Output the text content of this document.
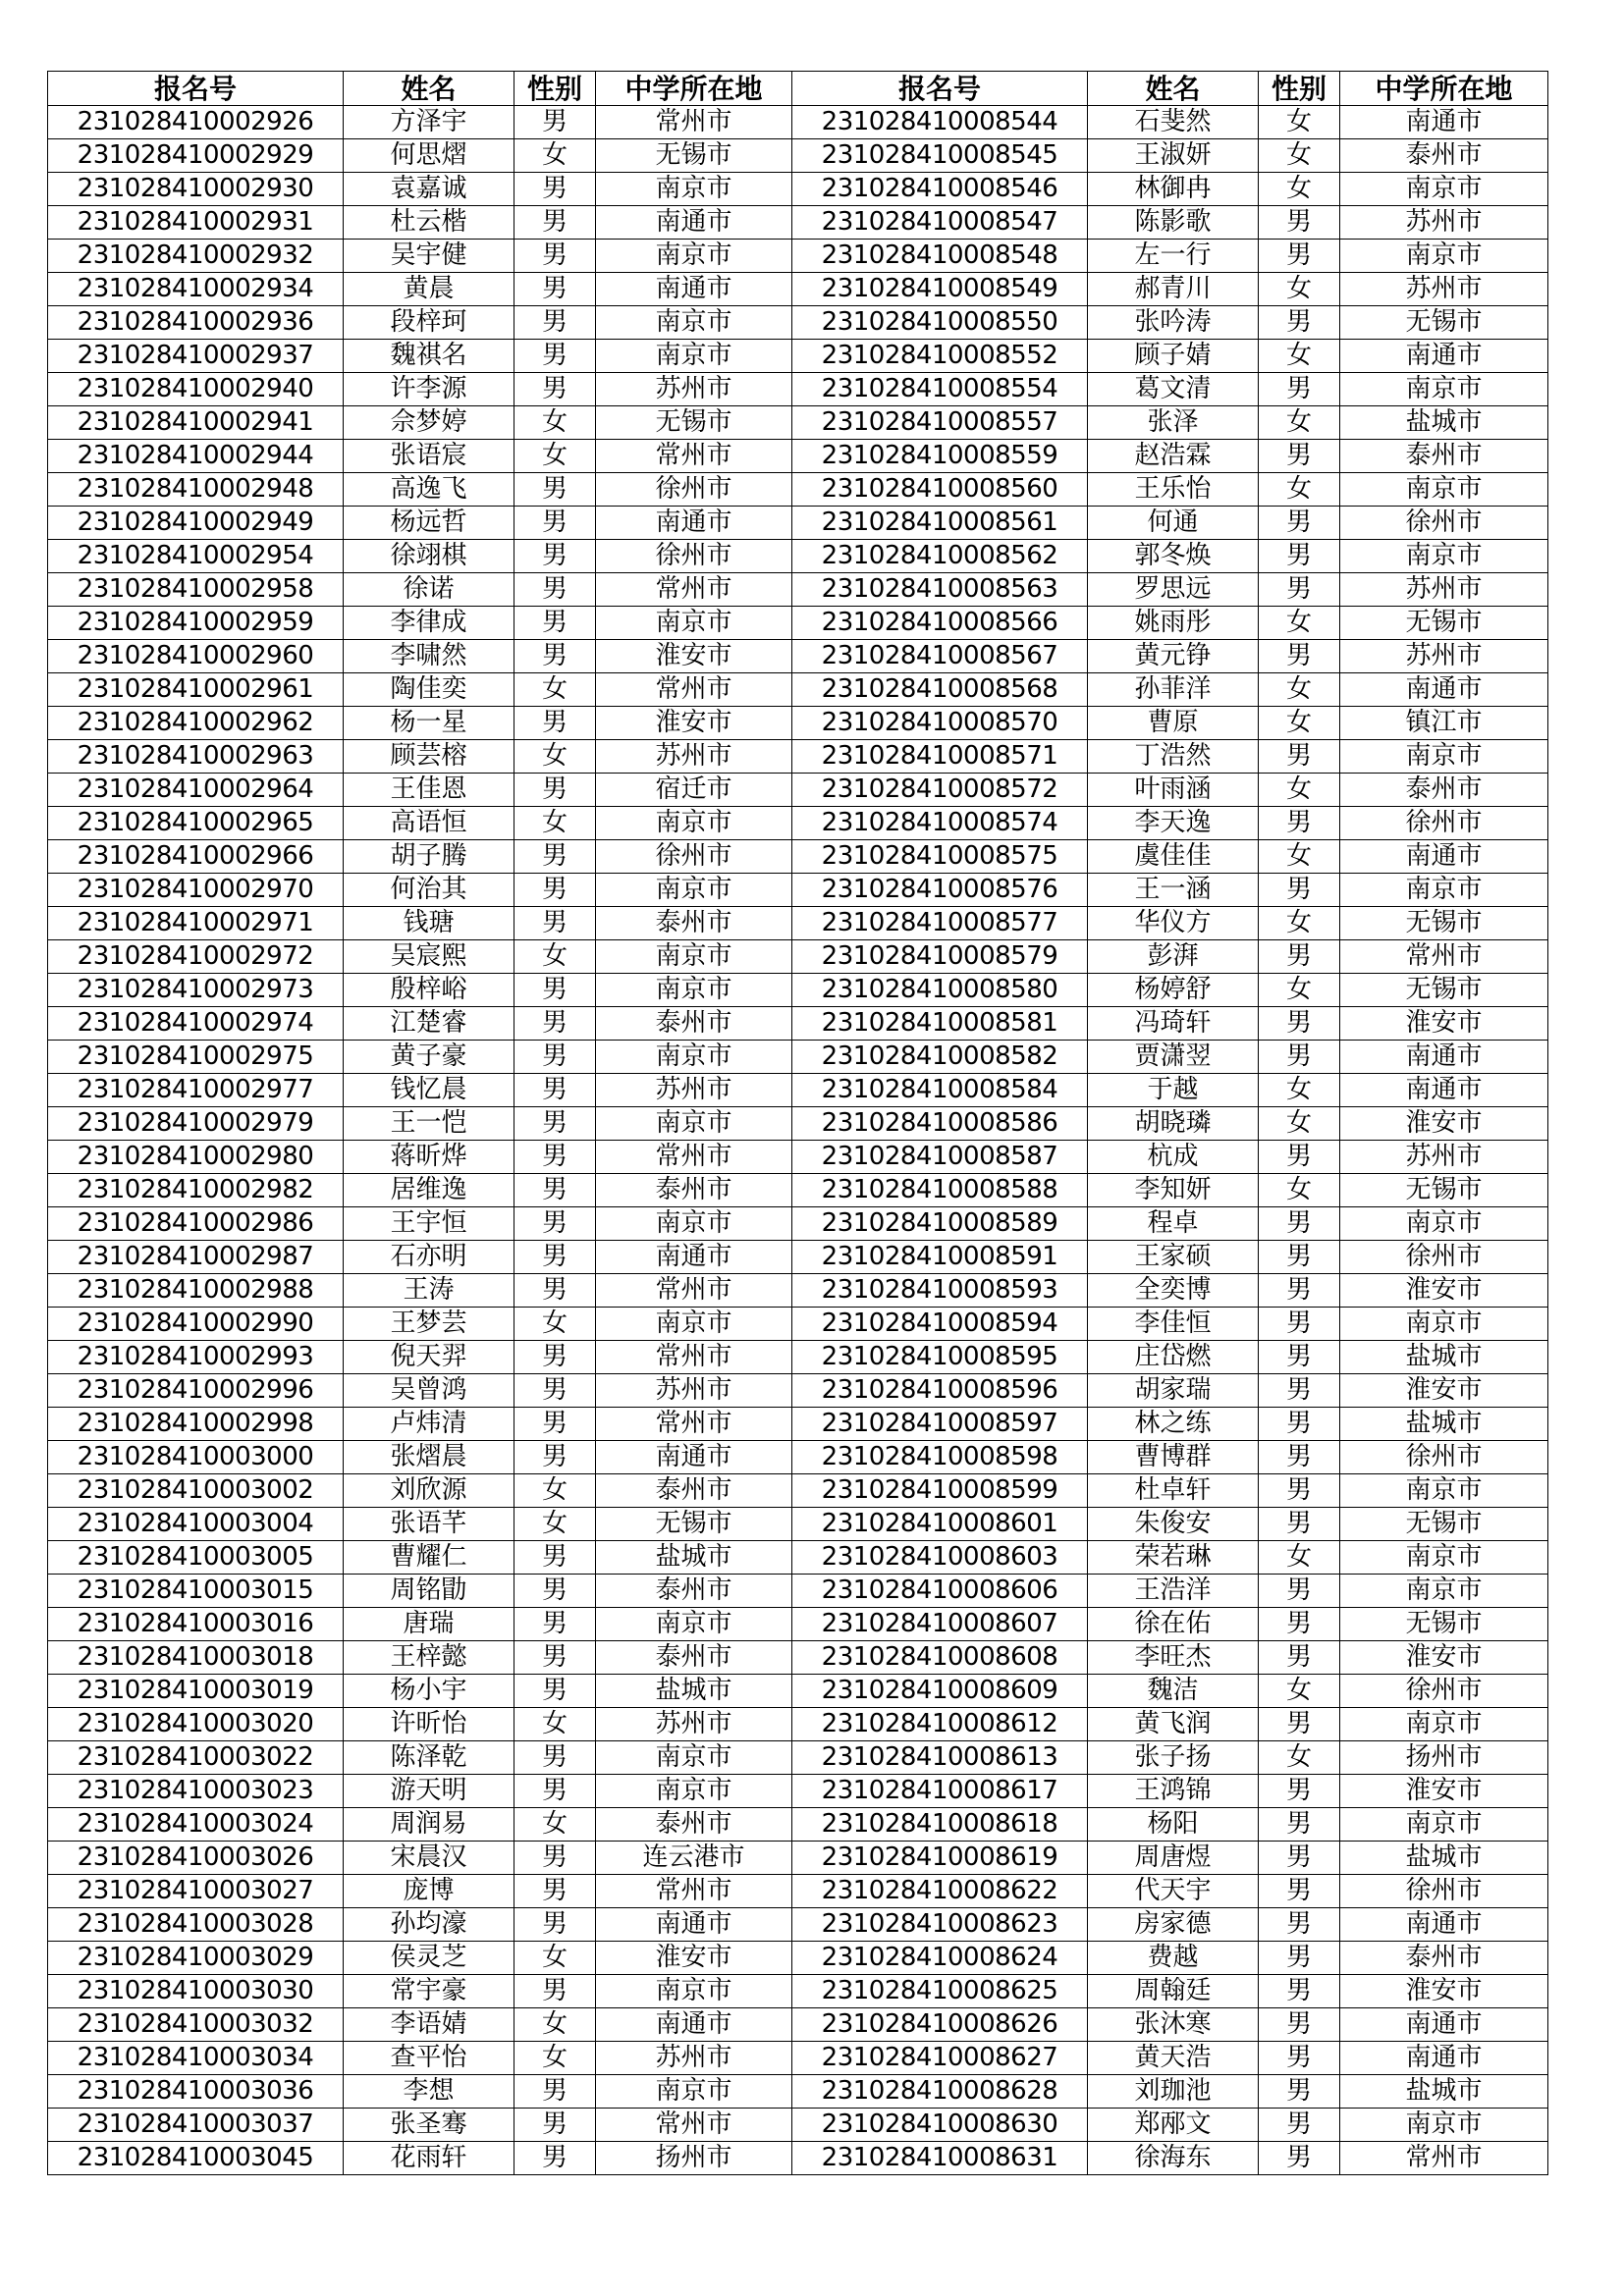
报名号	姓名	性别	中学所在地	报名号	姓名	性别	中学所在地
231028410002926	方泽宇	男	常州市	231028410008544	石斐然	女	南通市
231028410002929	何思熠	女	无锡市	231028410008545	王淑妍	女	泰州市
231028410002930	袁嘉诚	男	南京市	231028410008546	林御冉	女	南京市
231028410002931	杜云楷	男	南通市	231028410008547	陈影歌	男	苏州市
231028410002932	吴宇健	男	南京市	231028410008548	左一行	男	南京市
231028410002934	黄晨	男	南通市	231028410008549	郝青川	女	苏州市
231028410002936	段梓珂	男	南京市	231028410008550	张吟涛	男	无锡市
231028410002937	魏祺名	男	南京市	231028410008552	顾子婧	女	南通市
231028410002940	许李源	男	苏州市	231028410008554	葛文清	男	南京市
231028410002941	佘梦婷	女	无锡市	231028410008557	张泽	女	盐城市
231028410002944	张语宸	女	常州市	231028410008559	赵浩霖	男	泰州市
231028410002948	高逸飞	男	徐州市	231028410008560	王乐怡	女	南京市
231028410002949	杨远哲	男	南通市	231028410008561	何通	男	徐州市
231028410002954	徐翊棋	男	徐州市	231028410008562	郭冬焕	男	南京市
231028410002958	徐诺	男	常州市	231028410008563	罗思远	男	苏州市
231028410002959	李律成	男	南京市	231028410008566	姚雨彤	女	无锡市
231028410002960	李啸然	男	淮安市	231028410008567	黄元铮	男	苏州市
231028410002961	陶佳奕	女	常州市	231028410008568	孙菲洋	女	南通市
231028410002962	杨一星	男	淮安市	231028410008570	曹原	女	镇江市
231028410002963	顾芸榕	女	苏州市	231028410008571	丁浩然	男	南京市
231028410002964	王佳恩	男	宿迁市	231028410008572	叶雨涵	女	泰州市
231028410002965	高语恒	女	南京市	231028410008574	李天逸	男	徐州市
231028410002966	胡子腾	男	徐州市	231028410008575	虞佳佳	女	南通市
231028410002970	何治其	男	南京市	231028410008576	王一涵	男	南京市
231028410002971	钱瑭	男	泰州市	231028410008577	华仪方	女	无锡市
231028410002972	吴宸熙	女	南京市	231028410008579	彭湃	男	常州市
231028410002973	殷梓峪	男	南京市	231028410008580	杨婷舒	女	无锡市
231028410002974	江楚睿	男	泰州市	231028410008581	冯琦轩	男	淮安市
231028410002975	黄子豪	男	南京市	231028410008582	贾潇翌	男	南通市
231028410002977	钱忆晨	男	苏州市	231028410008584	于越	女	南通市
231028410002979	王一恺	男	南京市	231028410008586	胡晓璘	女	淮安市
231028410002980	蒋昕烨	男	常州市	231028410008587	杭成	男	苏州市
231028410002982	居维逸	男	泰州市	231028410008588	李知妍	女	无锡市
231028410002986	王宇恒	男	南京市	231028410008589	程卓	男	南京市
231028410002987	石亦明	男	南通市	231028410008591	王家硕	男	徐州市
231028410002988	王涛	男	常州市	231028410008593	全奕博	男	淮安市
231028410002990	王梦芸	女	南京市	231028410008594	李佳恒	男	南京市
231028410002993	倪天羿	男	常州市	231028410008595	庄岱燃	男	盐城市
231028410002996	吴曾鸿	男	苏州市	231028410008596	胡家瑞	男	淮安市
231028410002998	卢炜清	男	常州市	231028410008597	林之练	男	盐城市
231028410003000	张熠晨	男	南通市	231028410008598	曹博群	男	徐州市
231028410003002	刘欣源	女	泰州市	231028410008599	杜卓轩	男	南京市
231028410003004	张语芊	女	无锡市	231028410008601	朱俊安	男	无锡市
231028410003005	曹耀仁	男	盐城市	231028410008603	荣若琳	女	南京市
231028410003015	周铭勖	男	泰州市	231028410008606	王浩洋	男	南京市
231028410003016	唐瑞	男	南京市	231028410008607	徐在佑	男	无锡市
231028410003018	王梓懿	男	泰州市	231028410008608	李旺杰	男	淮安市
231028410003019	杨小宇	男	盐城市	231028410008609	魏洁	女	徐州市
231028410003020	许昕怡	女	苏州市	231028410008612	黄飞润	男	南京市
231028410003022	陈泽乾	男	南京市	231028410008613	张子扬	女	扬州市
231028410003023	游天明	男	南京市	231028410008617	王鸿锦	男	淮安市
231028410003024	周润易	女	泰州市	231028410008618	杨阳	男	南京市
231028410003026	宋晨汉	男	连云港市	231028410008619	周唐煜	男	盐城市
231028410003027	庞博	男	常州市	231028410008622	代天宇	男	徐州市
231028410003028	孙均濠	男	南通市	231028410008623	房家德	男	南通市
231028410003029	侯灵芝	女	淮安市	231028410008624	费越	男	泰州市
231028410003030	常宇豪	男	南京市	231028410008625	周翰廷	男	淮安市
231028410003032	李语婧	女	南通市	231028410008626	张沐寒	男	南通市
231028410003034	查平怡	女	苏州市	231028410008627	黄天浩	男	南通市
231028410003036	李想	男	南京市	231028410008628	刘珈池	男	盐城市
231028410003037	张圣骞	男	常州市	231028410008630	郑邴文	男	南京市
231028410003045	花雨轩	男	扬州市	231028410008631	徐海东	男	常州市
